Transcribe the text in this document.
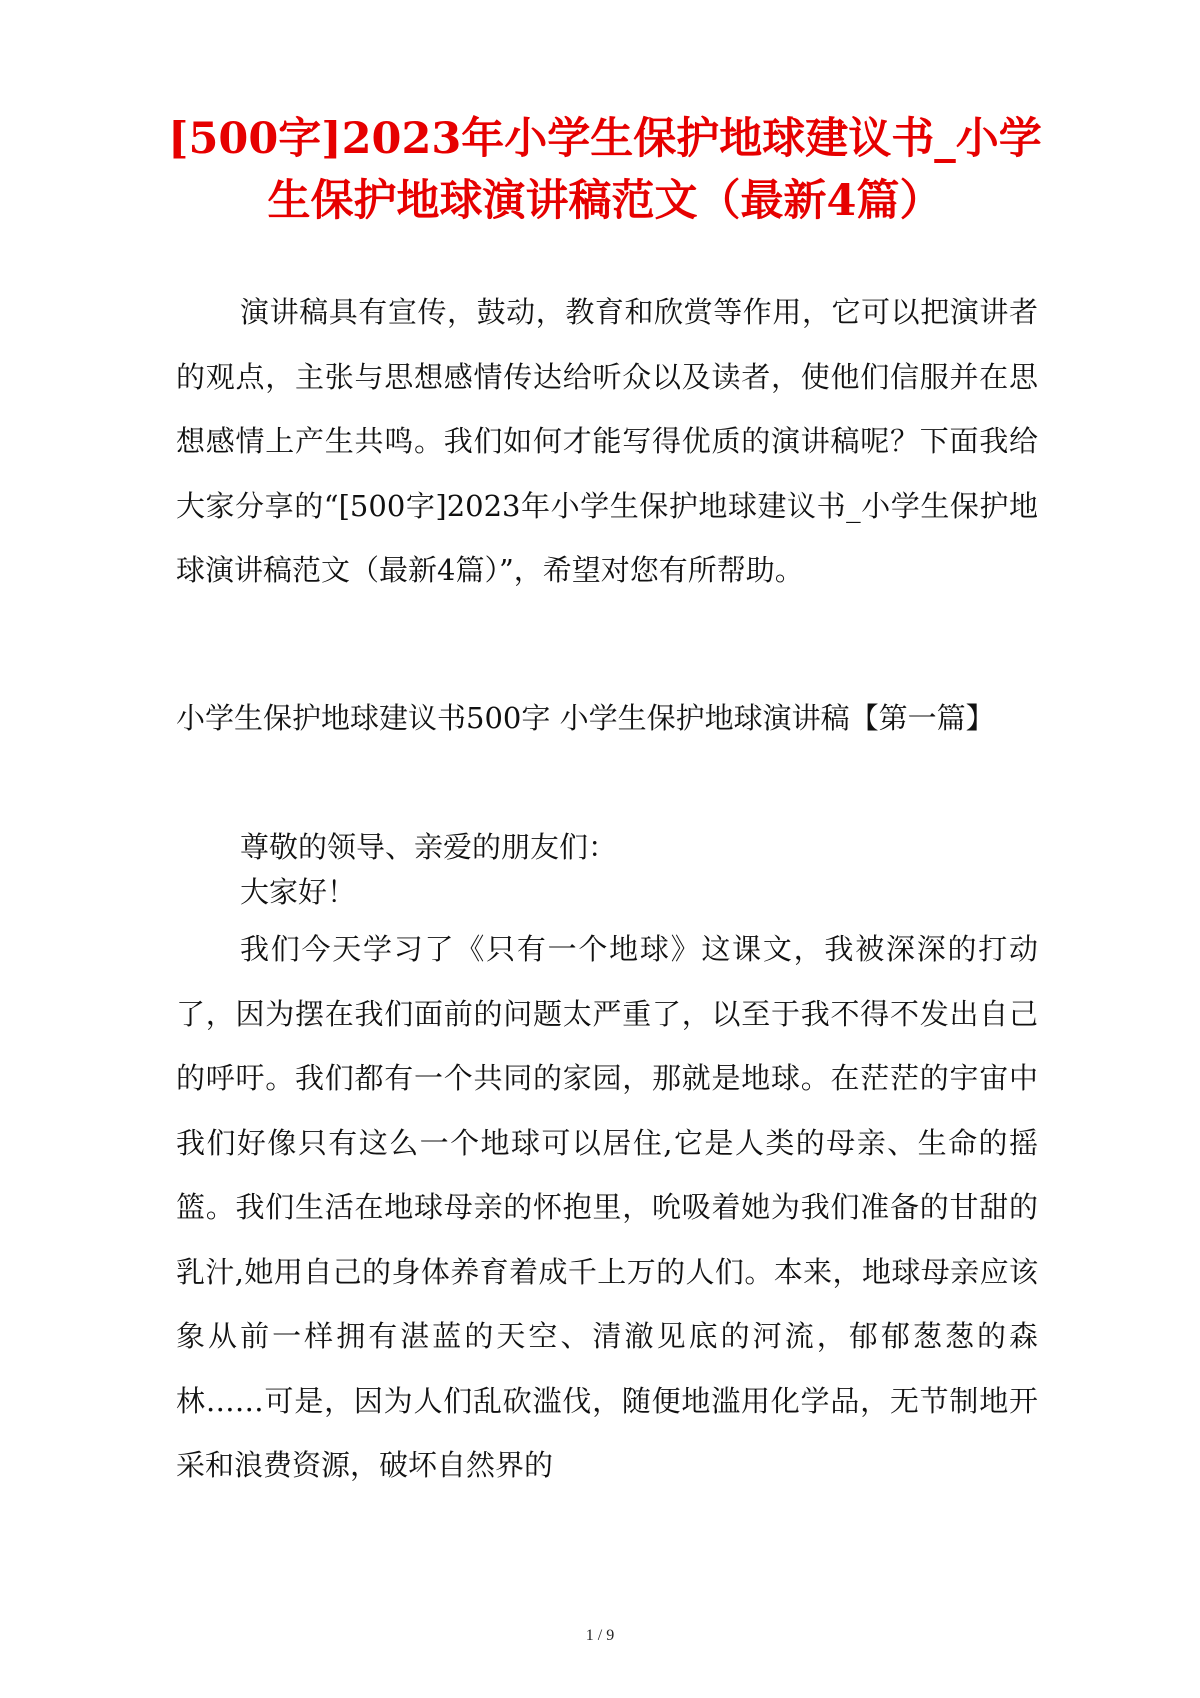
[500字]2023年小学生保护地球建议书_小学生保护地球演讲稿范文（最新4篇）

演讲稿具有宣传，鼓动，教育和欣赏等作用，它可以把演讲者的观点，主张与思想感情传达给听众以及读者，使他们信服并在思想感情上产生共鸣。我们如何才能写得优质的演讲稿呢？下面我给大家分享的“[500字]2023年小学生保护地球建议书_小学生保护地球演讲稿范文（最新4篇）”，希望对您有所帮助。

小学生保护地球建议书500字 小学生保护地球演讲稿【第一篇】

尊敬的领导、亲爱的朋友们：

大家好！

我们今天学习了《只有一个地球》这课文，我被深深的打动了，因为摆在我们面前的问题太严重了，以至于我不得不发出自己的呼吁。我们都有一个共同的家园，那就是地球。在茫茫的宇宙中我们好像只有这么一个地球可以居住,它是人类的母亲、生命的摇篮。我们生活在地球母亲的怀抱里，吮吸着她为我们准备的甘甜的乳汁,她用自己的身体养育着成千上万的人们。本来，地球母亲应该象从前一样拥有湛蓝的天空、清澈见底的河流，郁郁葱葱的森林……可是，因为人们乱砍滥伐，随便地滥用化学品，无节制地开采和浪费资源，破坏自然界的

1 / 9
